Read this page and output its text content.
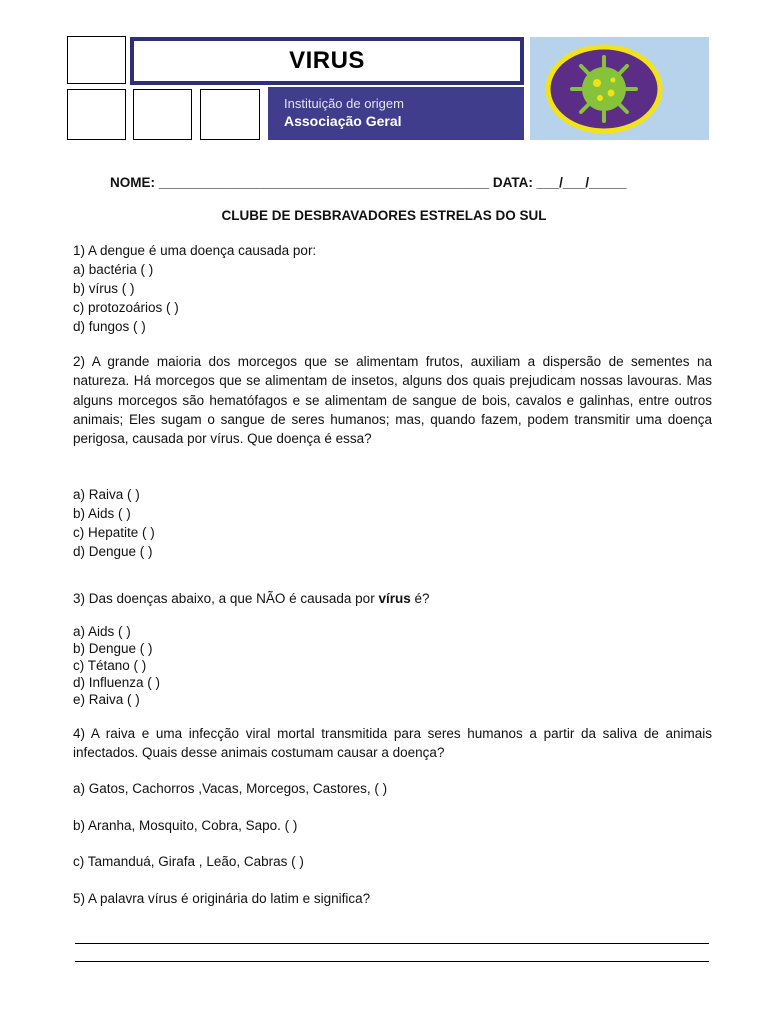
VIRUS
Instituição de origem
Associação Geral
NOME: ____________________________________________ DATA: ___/___/_____
CLUBE DE DESBRAVADORES ESTRELAS DO SUL
1) A dengue é uma doença causada por:
a) bactéria ( )
b) vírus ( )
c) protozoários ( )
d) fungos ( )
2) A grande maioria dos morcegos que se alimentam frutos, auxiliam a dispersão de sementes na natureza. Há morcegos que se alimentam de insetos, alguns dos quais prejudicam nossas lavouras. Mas alguns morcegos são hematófagos e se alimentam de sangue de bois, cavalos e galinhas, entre outros animais; Eles sugam o sangue de seres humanos; mas, quando fazem, podem transmitir uma doença perigosa, causada por vírus. Que doença é essa?
a) Raiva ( )
b) Aids ( )
c) Hepatite ( )
d) Dengue ( )
3) Das doenças abaixo, a que NÃO é causada por vírus é?
a) Aids ( )
b) Dengue ( )
c) Tétano ( )
d) Influenza ( )
e) Raiva ( )
4) A raiva e uma infecção viral mortal transmitida para seres humanos a partir da saliva de animais infectados. Quais desse animais costumam causar a doença?
a) Gatos, Cachorros ,Vacas, Morcegos, Castores, ( )
b) Aranha, Mosquito, Cobra, Sapo. ( )
c) Tamanduá, Girafa , Leão, Cabras ( )
5) A palavra vírus é originária do latim e significa?
